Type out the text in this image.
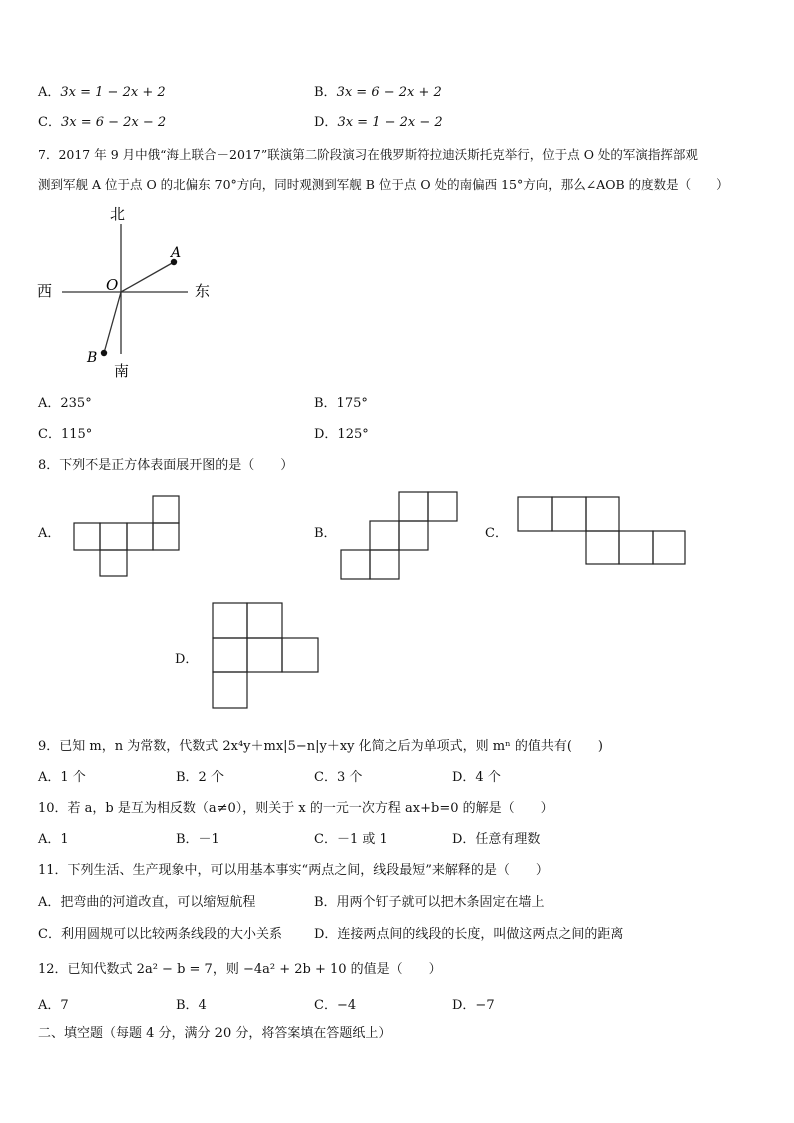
A．3x = 1 − 2x + 2	B．3x = 6 − 2x + 2
C．3x = 6 − 2x − 2	D．3x = 1 − 2x − 2
7．2017 年 9 月中俄“海上联合－2017”联演第二阶段演习在俄罗斯符拉迪沃斯托克举行，位于点 O 处的军演指挥部观
测到军舰 A 位于点 O 的北偏东 70°方向，同时观测到军舰 B 位于点 O 处的南偏西 15°方向，那么∠AOB 的度数是（　　）
北
南
西	东
O
A
B
A．235°	B．175°
C．115°	D．125°
8．下列不是正方体表面展开图的是（　　）
A．	B．	C．
D．
9．已知 m，n 为常数，代数式 2x⁴y＋mx|5−n|y＋xy 化简之后为单项式，则 mⁿ 的值共有(　　)
A．1 个	B．2 个	C．3 个	D．4 个
10．若 a，b 是互为相反数（a≠0），则关于 x 的一元一次方程 ax+b=0 的解是（　　）
A．1	B．－1	C．－1 或 1	D．任意有理数
11．下列生活、生产现象中，可以用基本事实“两点之间，线段最短”来解释的是（　　）
A．把弯曲的河道改直，可以缩短航程	B．用两个钉子就可以把木条固定在墙上
C．利用圆规可以比较两条线段的大小关系 D．连接两点间的线段的长度，叫做这两点之间的距离
12．已知代数式 2a² − b = 7，则 −4a² + 2b + 10 的值是（　　）
A．7	B．4	C．−4	D．−7
二、填空题（每题 4 分，满分 20 分，将答案填在答题纸上）
